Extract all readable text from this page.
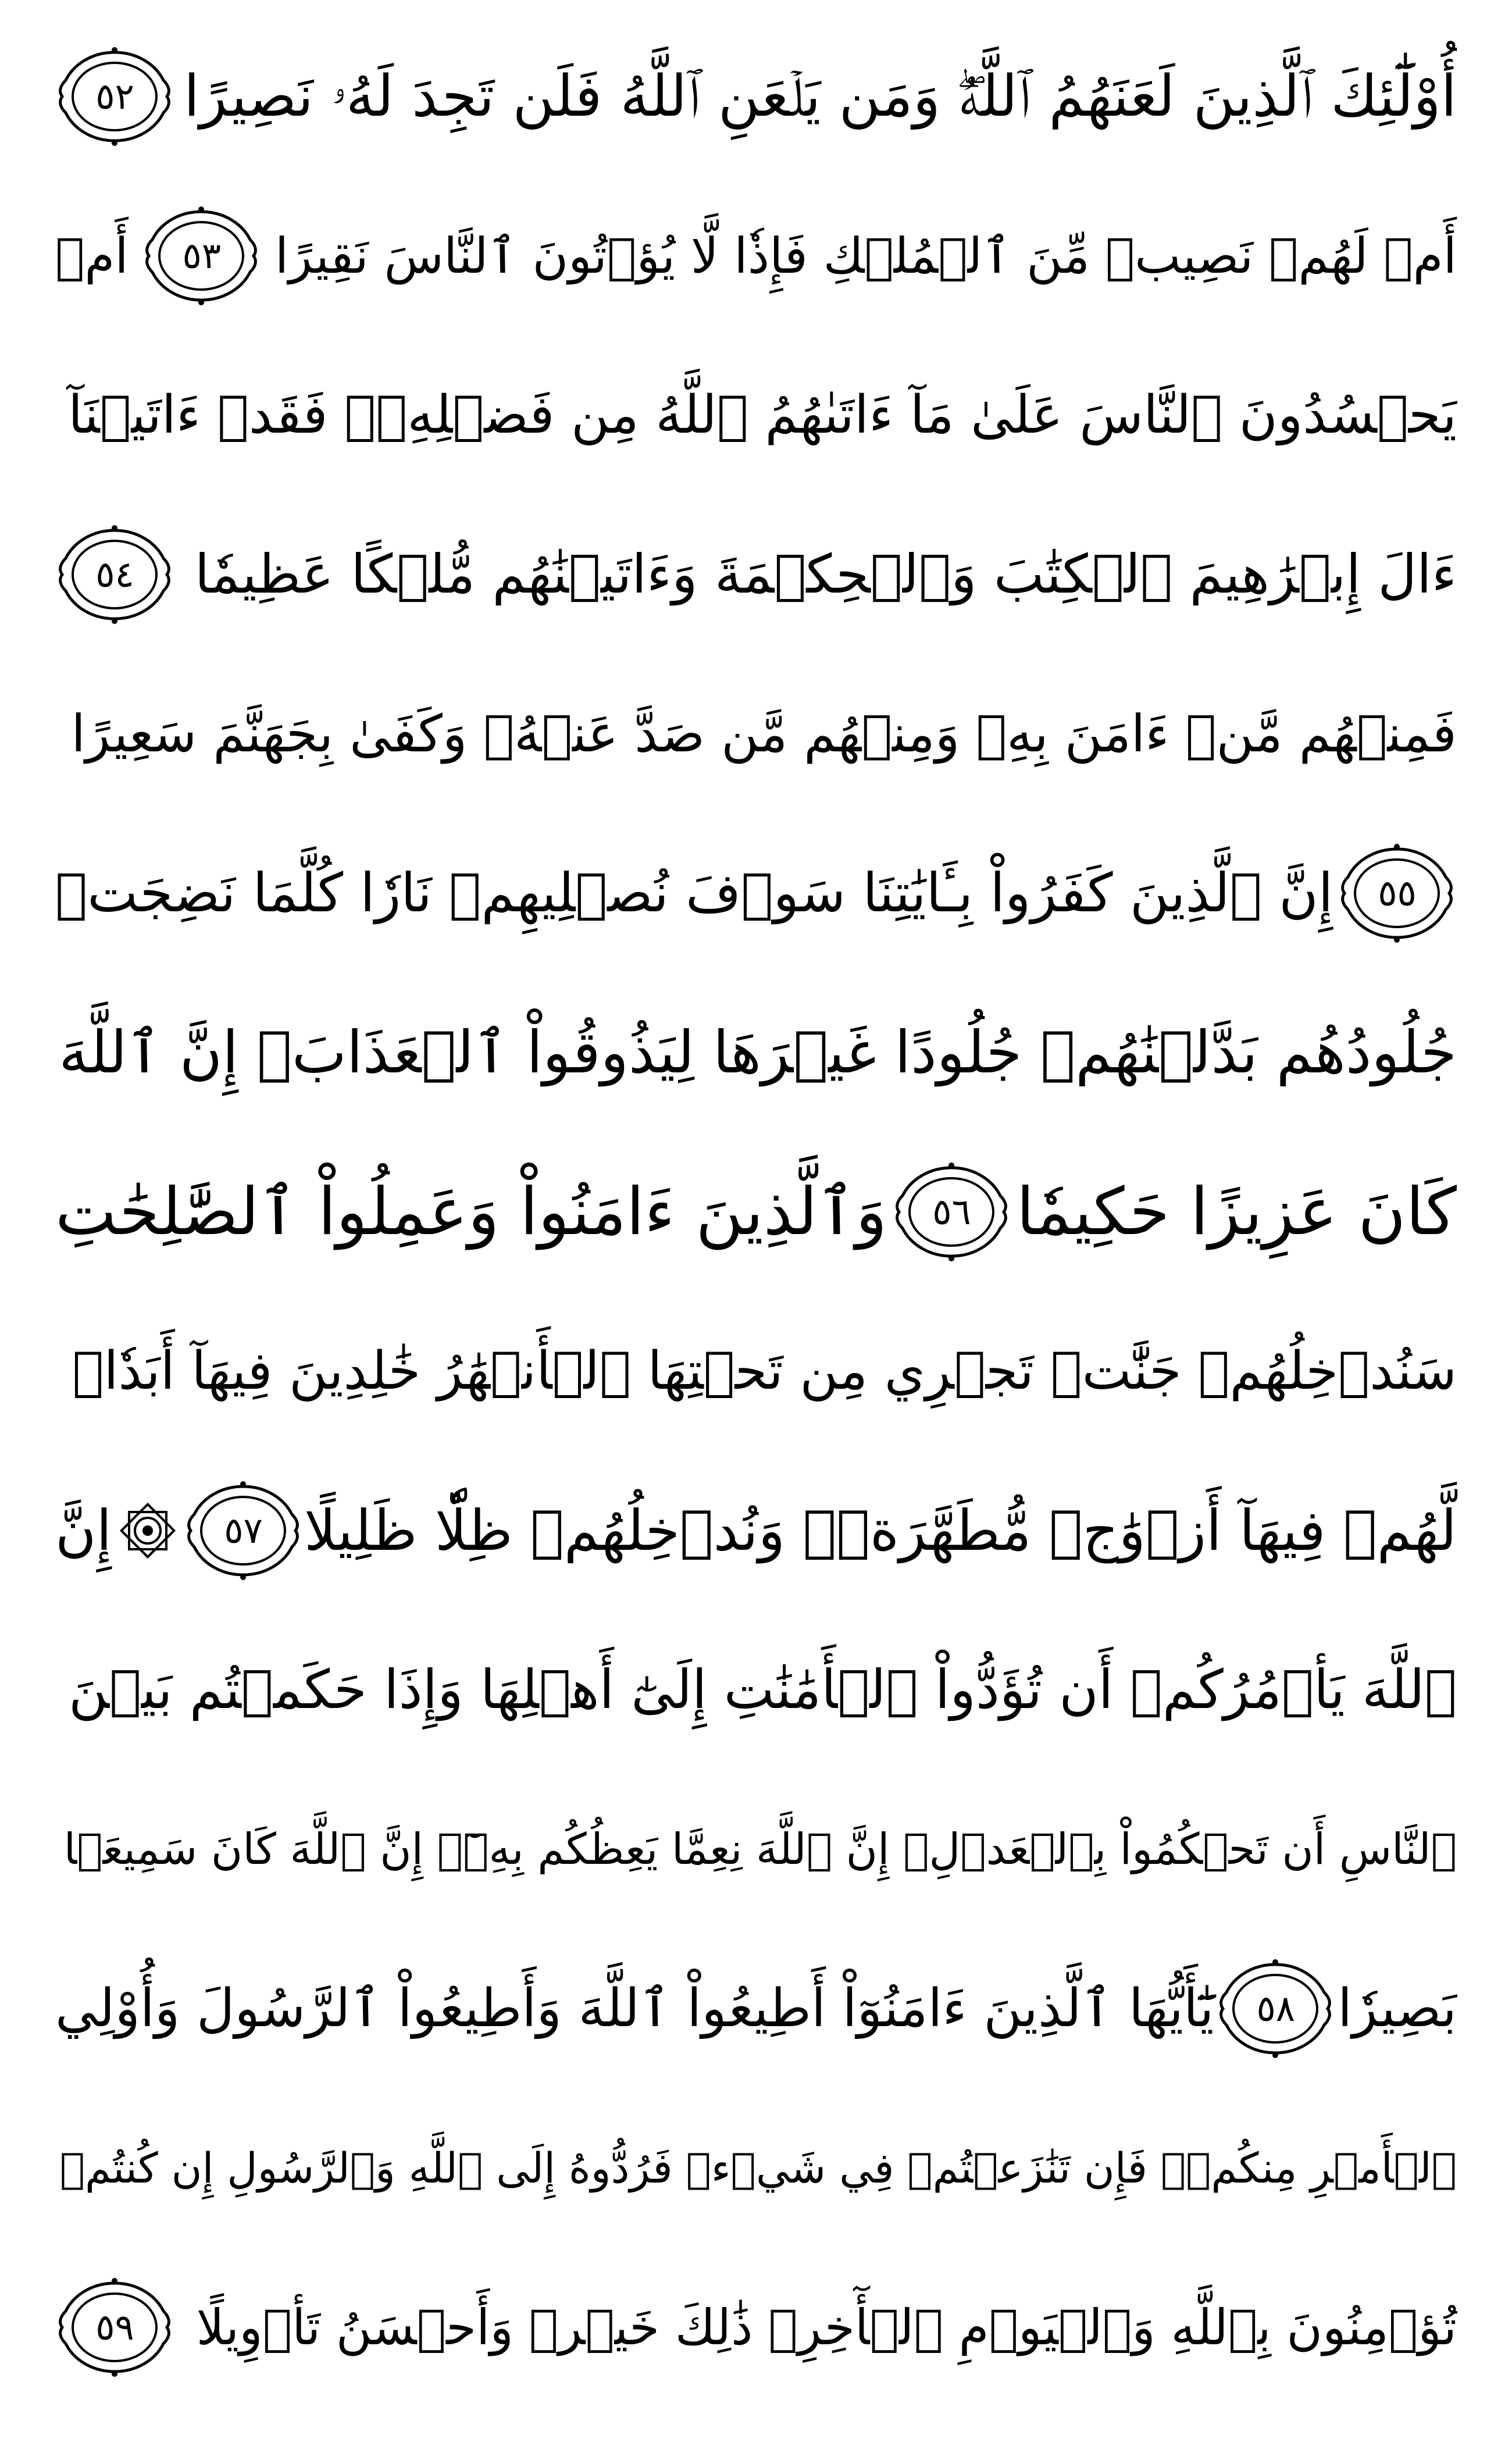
أُوْلَٰٓئِكَ ٱلَّذِينَ لَعَنَهُمُ ٱللَّهُۖ وَمَن يَلۡعَنِ ٱللَّهُ فَلَن تَجِدَ لَهُۥ نَصِيرًا
٥٢
أَمۡ لَهُمۡ نَصِيبٞ مِّنَ ٱلۡمُلۡكِ فَإِذٗا لَّا يُؤۡتُونَ ٱلنَّاسَ نَقِيرًا
٥٣
أَمۡ
يَحۡسُدُونَ ٱلنَّاسَ عَلَىٰ مَآ ءَاتَىٰهُمُ ٱللَّهُ مِن فَضۡلِهِۦۖ فَقَدۡ ءَاتَيۡنَآ
ءَالَ إِبۡرَٰهِيمَ ٱلۡكِتَٰبَ وَٱلۡحِكۡمَةَ وَءَاتَيۡنَٰهُم مُّلۡكًا عَظِيمٗا
٥٤
فَمِنۡهُم مَّنۡ ءَامَنَ بِهِۦ وَمِنۡهُم مَّن صَدَّ عَنۡهُۚ وَكَفَىٰ بِجَهَنَّمَ سَعِيرًا
٥٥
إِنَّ ٱلَّذِينَ كَفَرُواْ بِـَٔايَٰتِنَا سَوۡفَ نُصۡلِيهِمۡ نَارٗا كُلَّمَا نَضِجَتۡ
جُلُودُهُم بَدَّلۡنَٰهُمۡ جُلُودًا غَيۡرَهَا لِيَذُوقُواْ ٱلۡعَذَابَۗ إِنَّ ٱللَّهَ
كَانَ عَزِيزًا حَكِيمٗا
٥٦
وَٱلَّذِينَ ءَامَنُواْ وَعَمِلُواْ ٱلصَّٰلِحَٰتِ
سَنُدۡخِلُهُمۡ جَنَّٰتٖ تَجۡرِي مِن تَحۡتِهَا ٱلۡأَنۡهَٰرُ خَٰلِدِينَ فِيهَآ أَبَدٗاۖ
لَّهُمۡ فِيهَآ أَزۡوَٰجٞ مُّطَهَّرَةٞۖ وَنُدۡخِلُهُمۡ ظِلّٗا ظَلِيلًا
٥٧
إِنَّ
ٱللَّهَ يَأۡمُرُكُمۡ أَن تُؤَدُّواْ ٱلۡأَمَٰنَٰتِ إِلَىٰٓ أَهۡلِهَا وَإِذَا حَكَمۡتُم بَيۡنَ
ٱلنَّاسِ أَن تَحۡكُمُواْ بِٱلۡعَدۡلِۚ إِنَّ ٱللَّهَ نِعِمَّا يَعِظُكُم بِهِۦٓۗ إِنَّ ٱللَّهَ كَانَ سَمِيعَۢا
بَصِيرٗا
٥٨
يَٰٓأَيُّهَا ٱلَّذِينَ ءَامَنُوٓاْ أَطِيعُواْ ٱللَّهَ وَأَطِيعُواْ ٱلرَّسُولَ وَأُوْلِي
ٱلۡأَمۡرِ مِنكُمۡۖ فَإِن تَنَٰزَعۡتُمۡ فِي شَيۡءٖ فَرُدُّوهُ إِلَى ٱللَّهِ وَٱلرَّسُولِ إِن كُنتُمۡ
تُؤۡمِنُونَ بِٱللَّهِ وَٱلۡيَوۡمِ ٱلۡأٓخِرِۚ ذَٰلِكَ خَيۡرٞ وَأَحۡسَنُ تَأۡوِيلًا
٥٩
